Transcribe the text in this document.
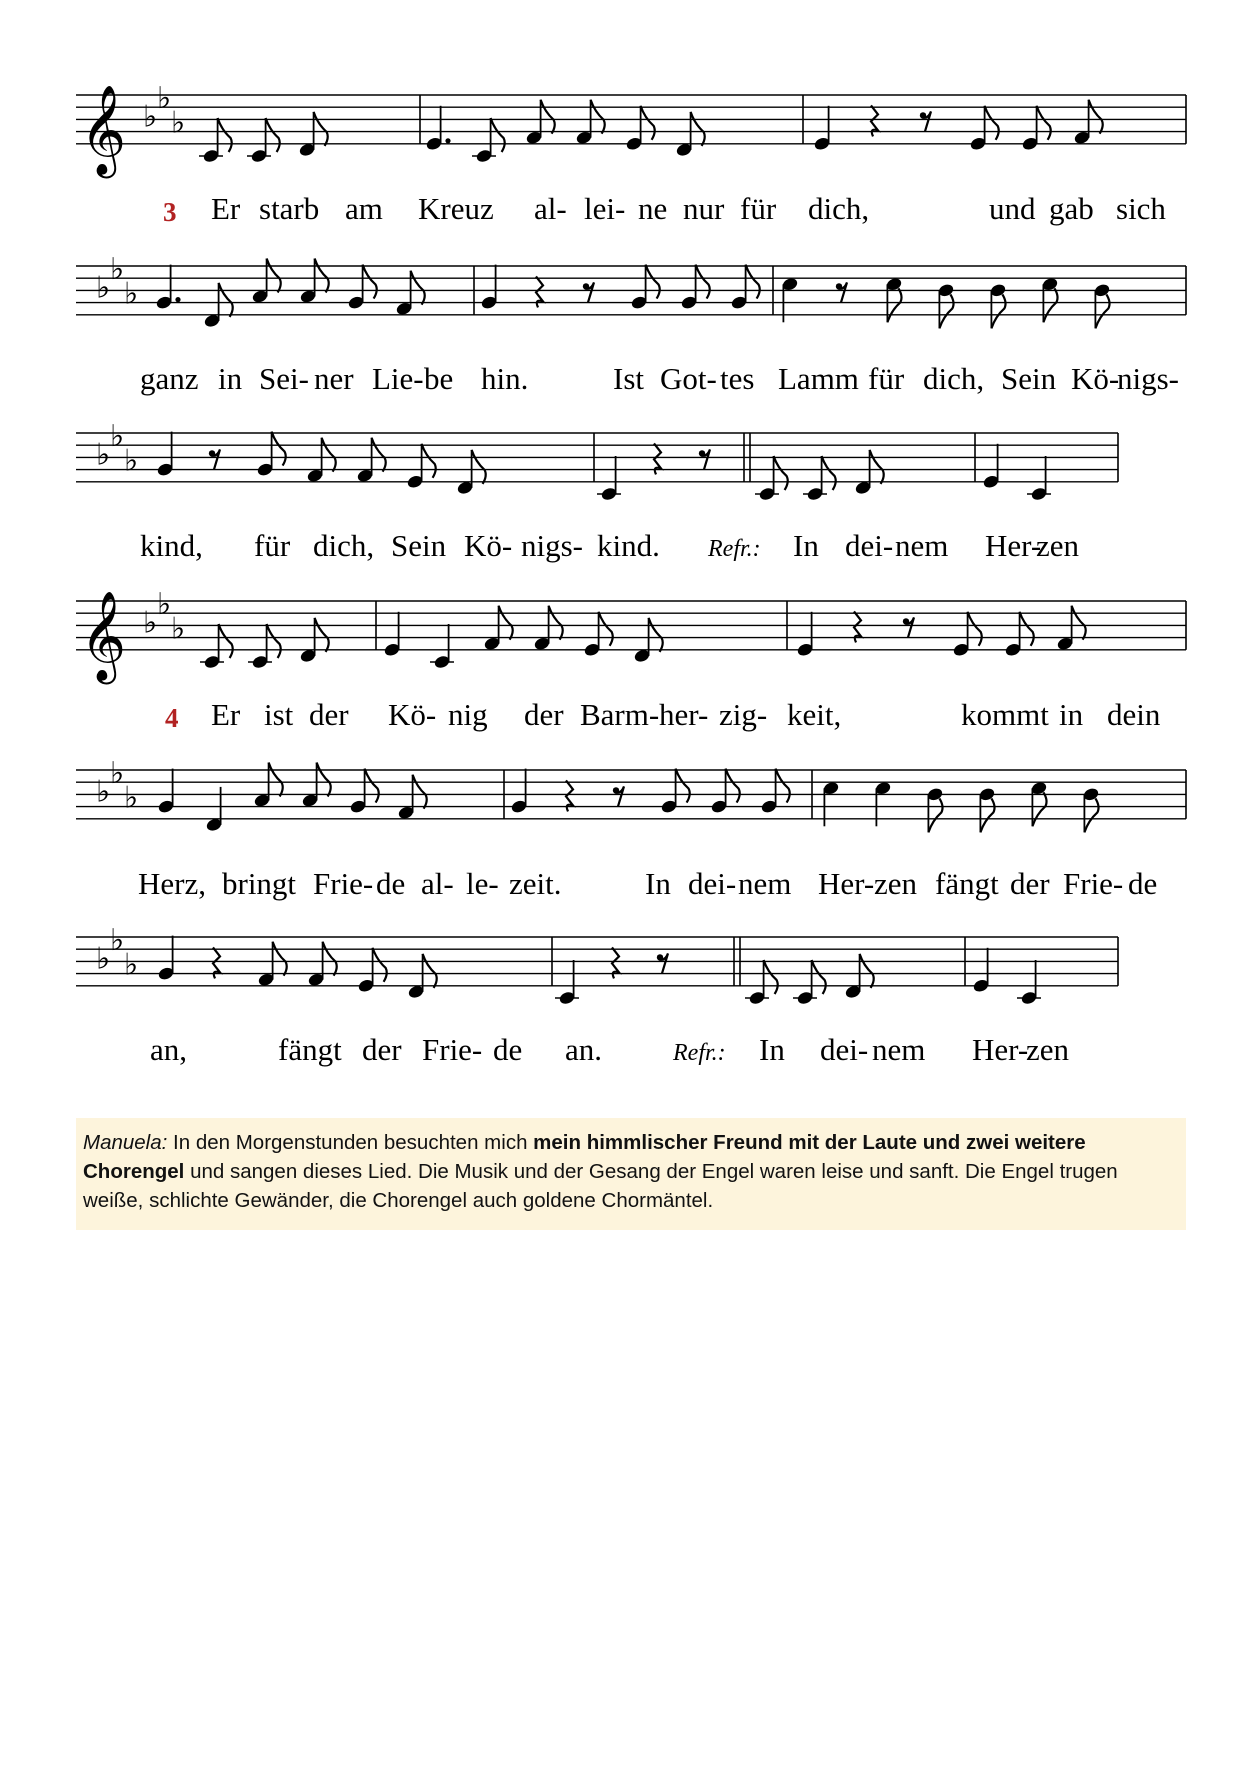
3 Er starb am Kreuz al- lei- ne nur für dich,	und gab sich
ganz in Sei- ner Lie- be hin.	Ist Got- tes Lamm für dich, Sein Kö-
nigs-
kind, für dich, Sein Kö- nigs- kind. Refr.: In dei- nem Her-
zen
4 Er ist der Kö- nig der Barm- her- zig- keit,	kommt in dein
Herz, bringt Frie- de al- le- zeit.	In dei- nem Her- zen fängt der Frie- de
an,	fängt der Frie- de an.	Refr.: In dei- nem Her-
zen
𝄞 ♭
♭
♭
♭
♭
♭
♭
♭
♭
𝄞 ♭
♭
♭
♭
♭
♭
♭
♭
♭
Manuela: In den Morgenstunden besuchten mich mein himmlischer Freund mit der Laute und zwei weitere Chorengel und sangen dieses Lied. Die Musik und der Gesang der Engel waren leise und sanft. Die Engel trugen weiße, schlichte Gewänder, die Chorengel auch goldene Chormäntel.
